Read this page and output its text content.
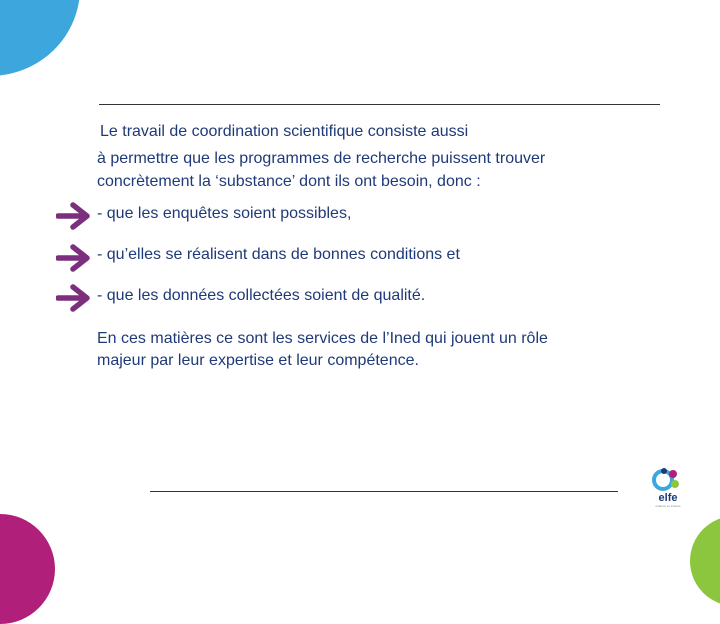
Le travail de coordination scientifique consiste aussi
à permettre que les programmes de recherche puissent trouver
concrètement la ‘substance’ dont ils ont besoin, donc :
- que les enquêtes soient possibles,
- qu’elles se réalisent dans de bonnes conditions et
- que les données collectées soient de qualité.
En ces matières ce sont les services de l’Ined qui jouent un rôle
majeur par leur expertise et leur compétence.
elfe
enfance en France
